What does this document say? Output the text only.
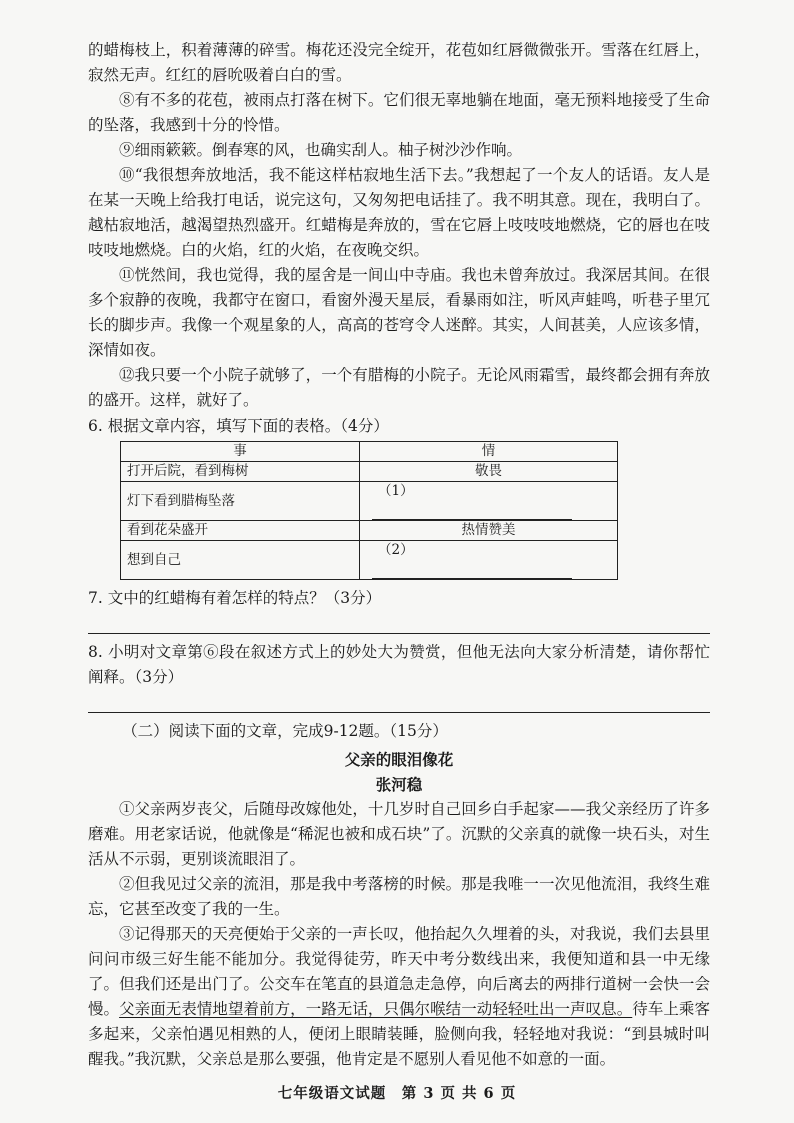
的蜡梅枝上，积着薄薄的碎雪。梅花还没完全绽开，花苞如红唇微微张开。雪落在红唇上，寂然无声。红红的唇吮吸着白白的雪。

⑧有不多的花苞，被雨点打落在树下。它们很无辜地躺在地面，毫无预料地接受了生命的坠落，我感到十分的怜惜。

⑨细雨簌簌。倒春寒的风，也确实刮人。柚子树沙沙作响。

⑩“我很想奔放地活，我不能这样枯寂地生活下去。”我想起了一个友人的话语。友人是在某一天晚上给我打电话，说完这句，又匆匆把电话挂了。我不明其意。现在，我明白了。越枯寂地活，越渴望热烈盛开。红蜡梅是奔放的，雪在它唇上吱吱吱地燃烧，它的唇也在吱吱吱地燃烧。白的火焰，红的火焰，在夜晚交织。

⑪恍然间，我也觉得，我的屋舍是一间山中寺庙。我也未曾奔放过。我深居其间。在很多个寂静的夜晚，我都守在窗口，看窗外漫天星辰，看暴雨如注，听风声蛙鸣，听巷子里冗长的脚步声。我像一个观星象的人，高高的苍穹令人迷醉。其实，人间甚美，人应该多情，深情如夜。

⑫我只要一个小院子就够了，一个有腊梅的小院子。无论风雨霜雪，最终都会拥有奔放的盛开。这样，就好了。

6. 根据文章内容，填写下面的表格。（4分）

事	情
打开后院，看到梅树	敬畏
灯下看到腊梅坠落	（1）
看到花朵盛开	热情赞美
想到自己	（2）

7. 文中的红蜡梅有着怎样的特点？（3分）

8. 小明对文章第⑥段在叙述方式上的妙处大为赞赏，但他无法向大家分析清楚，请你帮忙阐释。（3分）

（二）阅读下面的文章，完成9-12题。（15分）

父亲的眼泪像花

张河稳

①父亲两岁丧父，后随母改嫁他处，十几岁时自己回乡白手起家——我父亲经历了许多磨难。用老家话说，他就像是“稀泥也被和成石块”了。沉默的父亲真的就像一块石头，对生活从不示弱，更别谈流眼泪了。

②但我见过父亲的流泪，那是我中考落榜的时候。那是我唯一一次见他流泪，我终生难忘，它甚至改变了我的一生。

③记得那天的天亮便始于父亲的一声长叹，他抬起久久埋着的头，对我说，我们去县里问问市级三好生能不能加分。我觉得徒劳，昨天中考分数线出来，我便知道和县一中无缘了。但我们还是出门了。公交车在笔直的县道急走急停，向后离去的两排行道树一会快一会慢。父亲面无表情地望着前方，一路无话，只偶尔喉结一动轻轻吐出一声叹息。待车上乘客多起来，父亲怕遇见相熟的人，便闭上眼睛装睡，脸侧向我，轻轻地对我说：“到县城时叫醒我。”我沉默，父亲总是那么要强，他肯定是不愿别人看见他不如意的一面。

七年级语文试题　第 3 页 共 6 页
